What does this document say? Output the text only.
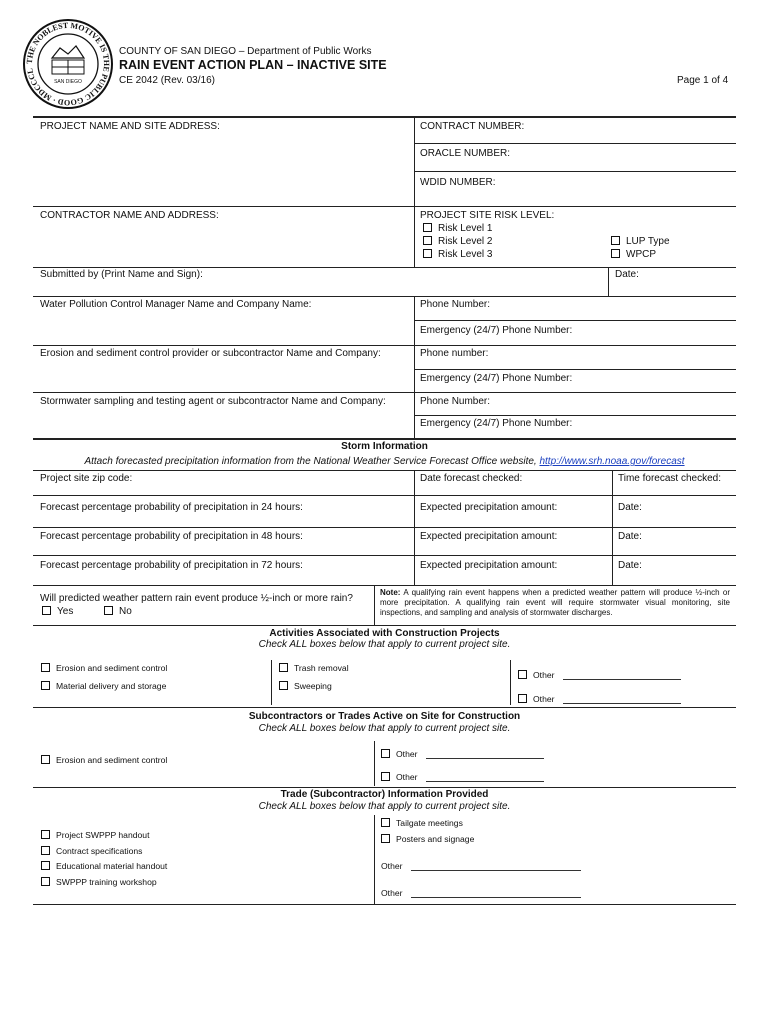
THE NOBLEST MOTIVE IS THE PUBLIC GOOD · MDCCCL
SAN DIEGO
COUNTY OF SAN DIEGO – Department of Public Works
RAIN EVENT ACTION PLAN – INACTIVE SITE
CE 2042 (Rev. 03/16)	Page 1 of 4
PROJECT NAME AND SITE ADDRESS:	CONTRACT NUMBER:
ORACLE NUMBER:
WDID NUMBER:
CONTRACTOR NAME AND ADDRESS:	PROJECT SITE RISK LEVEL:
Risk Level 1
Risk Level 2
Risk Level 3
LUP Type
WPCP
Submitted by (Print Name and Sign):	Date:
Water Pollution Control Manager Name and Company Name:	Phone Number:
Emergency (24/7) Phone Number:
Erosion and sediment control provider or subcontractor Name and Company:	Phone number:
Emergency (24/7) Phone Number:
Stormwater sampling and testing agent or subcontractor Name and Company:	Phone Number:
Emergency (24/7) Phone Number:
Storm Information
Attach forecasted precipitation information from the National Weather Service Forecast Office website, http://www.srh.noaa.gov/forecast
Project site zip code:	Date forecast checked:	Time forecast checked:
Forecast percentage probability of precipitation in 24 hours:	Expected precipitation amount:	Date:
Forecast percentage probability of precipitation in 48 hours:	Expected precipitation amount:	Date:
Forecast percentage probability of precipitation in 72 hours:	Expected precipitation amount:	Date:
Will predicted weather pattern rain event produce ½-inch or more rain?
Yes	No
Note: A qualifying rain event happens when a predicted weather pattern will produce ½-inch or more precipitation. A qualifying rain event will require stormwater visual monitoring, site inspections, and sampling and analysis of stormwater discharges.
Activities Associated with Construction Projects
Check ALL boxes below that apply to current project site.
Erosion and sediment control	Trash removal
Material delivery and storage	Sweeping
Other
Other
Subcontractors or Trades Active on Site for Construction
Check ALL boxes below that apply to current project site.
Erosion and sediment control
Other
Other
Trade (Subcontractor) Information Provided
Check ALL boxes below that apply to current project site.
Project SWPPP handout
Contract specifications
Educational material handout
SWPPP training workshop
Tailgate meetings
Posters and signage
Other
Other
